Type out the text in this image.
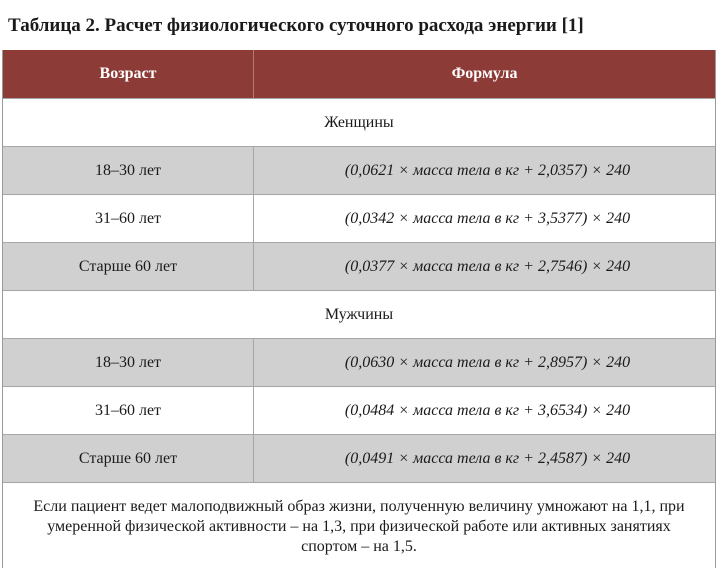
Таблица 2. Расчет физиологического суточного расхода энергии [1]
Возраст	Формула
Женщины
18–30 лет	(0,0621 × масса тела в кг + 2,0357) × 240
31–60 лет	(0,0342 × масса тела в кг + 3,5377) × 240
Старше 60 лет	(0,0377 × масса тела в кг + 2,7546) × 240
Мужчины
18–30 лет	(0,0630 × масса тела в кг + 2,8957) × 240
31–60 лет	(0,0484 × масса тела в кг + 3,6534) × 240
Старше 60 лет	(0,0491 × масса тела в кг + 2,4587) × 240
Если пациент ведет малоподвижный образ жизни, полученную величину умножают на 1,1, при умеренной физической активности – на 1,3, при физической работе или активных занятиях спортом – на 1,5.
